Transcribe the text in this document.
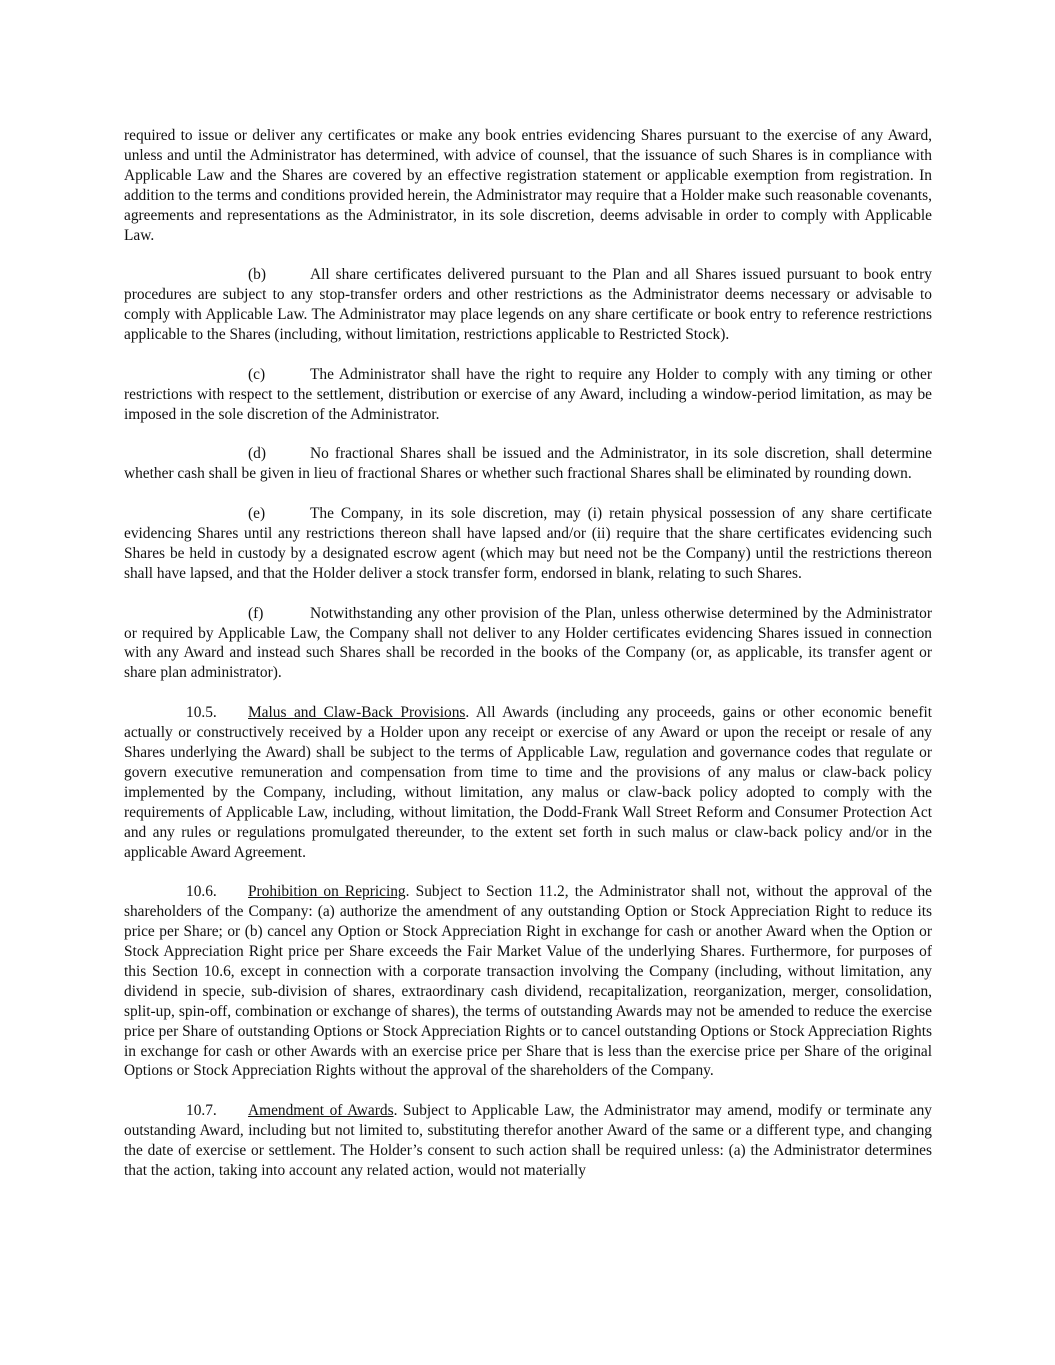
required to issue or deliver any certificates or make any book entries evidencing Shares pursuant to the exercise of any Award, unless and until the Administrator has determined, with advice of counsel, that the issuance of such Shares is in compliance with Applicable Law and the Shares are covered by an effective registration statement or applicable exemption from registration. In addition to the terms and conditions provided herein, the Administrator may require that a Holder make such reasonable covenants, agreements and representations as the Administrator, in its sole discretion, deems advisable in order to comply with Applicable Law.

(b)	All share certificates delivered pursuant to the Plan and all Shares issued pursuant to book entry procedures are subject to any stop-transfer orders and other restrictions as the Administrator deems necessary or advisable to comply with Applicable Law. The Administrator may place legends on any share certificate or book entry to reference restrictions applicable to the Shares (including, without limitation, restrictions applicable to Restricted Stock).

(c)	The Administrator shall have the right to require any Holder to comply with any timing or other restrictions with respect to the settlement, distribution or exercise of any Award, including a window-period limitation, as may be imposed in the sole discretion of the Administrator.

(d)	No fractional Shares shall be issued and the Administrator, in its sole discretion, shall determine whether cash shall be given in lieu of fractional Shares or whether such fractional Shares shall be eliminated by rounding down.

(e)	The Company, in its sole discretion, may (i) retain physical possession of any share certificate evidencing Shares until any restrictions thereon shall have lapsed and/or (ii) require that the share certificates evidencing such Shares be held in custody by a designated escrow agent (which may but need not be the Company) until the restrictions thereon shall have lapsed, and that the Holder deliver a stock transfer form, endorsed in blank, relating to such Shares.

(f)	Notwithstanding any other provision of the Plan, unless otherwise determined by the Administrator or required by Applicable Law, the Company shall not deliver to any Holder certificates evidencing Shares issued in connection with any Award and instead such Shares shall be recorded in the books of the Company (or, as applicable, its transfer agent or share plan administrator).

10.5. Malus and Claw-Back Provisions. All Awards (including any proceeds, gains or other economic benefit actually or constructively received by a Holder upon any receipt or exercise of any Award or upon the receipt or resale of any Shares underlying the Award) shall be subject to the terms of Applicable Law, regulation and governance codes that regulate or govern executive remuneration and compensation from time to time and the provisions of any malus or claw-back policy implemented by the Company, including, without limitation, any malus or claw-back policy adopted to comply with the requirements of Applicable Law, including, without limitation, the Dodd-Frank Wall Street Reform and Consumer Protection Act and any rules or regulations promulgated thereunder, to the extent set forth in such malus or claw-back policy and/or in the applicable Award Agreement.

10.6. Prohibition on Repricing. Subject to Section 11.2, the Administrator shall not, without the approval of the shareholders of the Company: (a) authorize the amendment of any outstanding Option or Stock Appreciation Right to reduce its price per Share; or (b) cancel any Option or Stock Appreciation Right in exchange for cash or another Award when the Option or Stock Appreciation Right price per Share exceeds the Fair Market Value of the underlying Shares. Furthermore, for purposes of this Section 10.6, except in connection with a corporate transaction involving the Company (including, without limitation, any dividend in specie, sub-division of shares, extraordinary cash dividend, recapitalization, reorganization, merger, consolidation, split-up, spin-off, combination or exchange of shares), the terms of outstanding Awards may not be amended to reduce the exercise price per Share of outstanding Options or Stock Appreciation Rights or to cancel outstanding Options or Stock Appreciation Rights in exchange for cash or other Awards with an exercise price per Share that is less than the exercise price per Share of the original Options or Stock Appreciation Rights without the approval of the shareholders of the Company.

10.7. Amendment of Awards. Subject to Applicable Law, the Administrator may amend, modify or terminate any outstanding Award, including but not limited to, substituting therefor another Award of the same or a different type, and changing the date of exercise or settlement. The Holder’s consent to such action shall be required unless: (a) the Administrator determines that the action, taking into account any related action, would not materially
